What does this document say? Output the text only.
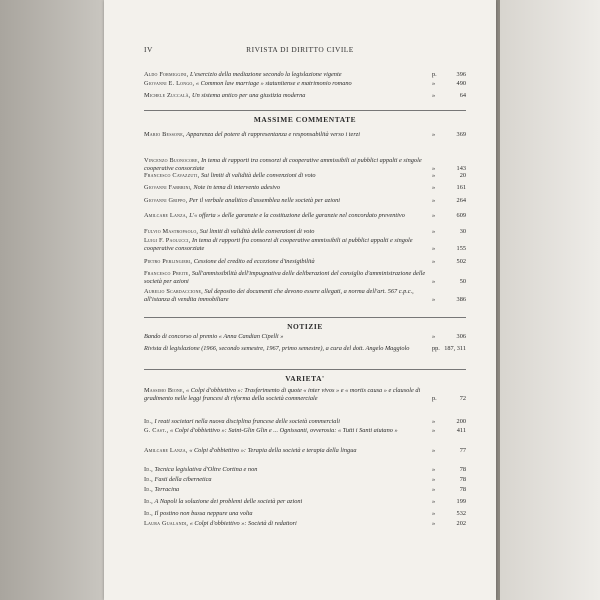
IV	RIVISTA DI DIRITTO CIVILE
Aldo Formiggini, L'esercizio della mediazione secondo la legislazione vigente	p.	396
Giovanni E. Longo, « Common law marriage » statunitense e matrimonio romano	»	490
Michele Zuccalà, Un sistema antico per una giustizia moderna	»	64
MASSIME COMMENTATE
Mario Bessone, Apparenza del potere di rappresentanza e responsabilità verso i terzi	»	369
Vincenzo Buonocore, In tema di rapporti tra consorzi di cooperative ammissibili ai pubblici appalti e singole cooperative consorziate	»	143
Francesco Cavazzuti, Sui limiti di validità delle convenzioni di voto	»	20
Giovanni Fabbrini, Note in tema di intervento adesivo	»	161
Giovanni Grippo, Per il verbale analitico d'assemblea nelle società per azioni	»	264
Amilcare Lanza, L'« offerta » delle garanzie e la costituzione delle garanzie nel concordato preventivo	»	609
Fulvio Mastropaolo, Sui limiti di validità delle convenzioni di voto	»	30
Luigi F. Paolucci, In tema di rapporti fra consorzi di cooperative ammissibili ai pubblici appalti e singole cooperative consorziate	»	155
Pietro Perlingieri, Cessione del credito ed eccezione d'inesigibilità	»	502
Francesco Preite, Sull'ammissibilità dell'impugnativa delle deliberazioni del consiglio d'amministrazione delle società per azioni	»	50
Aurelio Scardaccione, Sul deposito dei documenti che devono essere allegati, a norma dell'art. 567 c.p.c., all'istanza di vendita immobiliare	»	386
NOTIZIE
Bando di concorso al premio « Anna Candian Cipelli »	»	306
Rivista di legislazione (1966, secondo semestre, 1967, primo semestre), a cura del dott. Angelo Maggiolo	pp. 187, 311
VARIETA'
Massimo Bione, « Colpi d'obbiettivo »: Trasferimento di quote « inter vivos » e « mortis causa » e clausole di gradimento nelle leggi francesi di riforma della società commerciale	p.	72
Id., I reati societari nella nuova disciplina francese delle società commerciali	»	200
G. Cast., « Colpi d'obbiettivo »: Saint-Glin Glin e ... Ognissanti, ovverosia: « Tutti i Santi aiutano »	»	411
Amilcare Lanza, « Colpi d'obbiettivo »: Terapia della società e terapia della lingua	»	77
Id., Tecnica legislativa d'Oltre Cortina e non	»	78
Id., Fasti della cibernetica	»	78
Id., Terracina	»	78
Id., A Napoli la soluzione dei problemi delle società per azioni	»	199
Id., Il postino non bussa neppure una volta	»	532
Laura Gualandi, « Colpi d'obbiettivo »: Società di redattori	»	202
